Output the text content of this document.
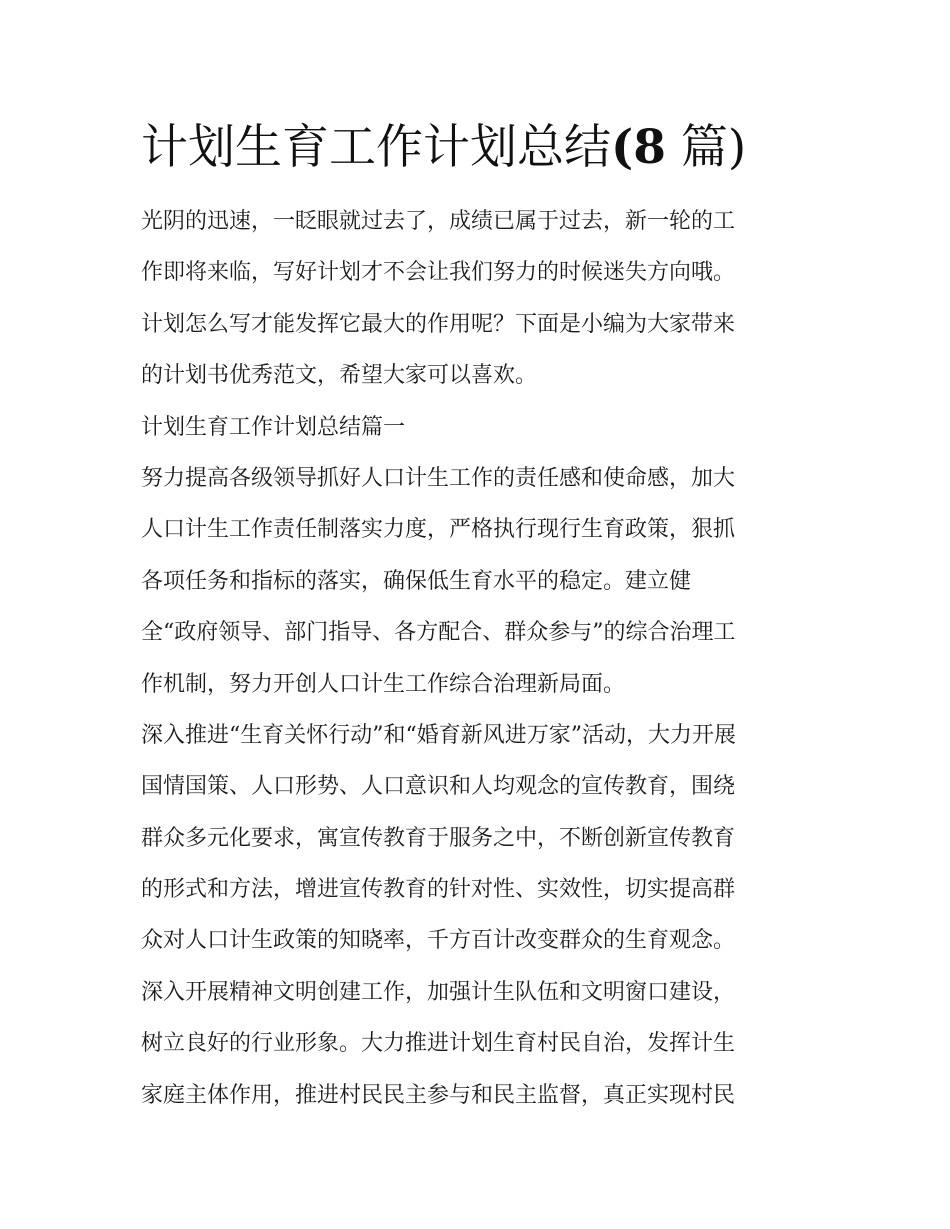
计划生育工作计划总结(8 篇)
光阴的迅速，一眨眼就过去了，成绩已属于过去，新一轮的工
作即将来临，写好计划才不会让我们努力的时候迷失方向哦。
计划怎么写才能发挥它最大的作用呢？下面是小编为大家带来
的计划书优秀范文，希望大家可以喜欢。
计划生育工作计划总结篇一
努力提高各级领导抓好人口计生工作的责任感和使命感，加大
人口计生工作责任制落实力度，严格执行现行生育政策，狠抓
各项任务和指标的落实，确保低生育水平的稳定。建立健
全“政府领导、部门指导、各方配合、群众参与”的综合治理工
作机制，努力开创人口计生工作综合治理新局面。
深入推进“生育关怀行动”和“婚育新风进万家”活动，大力开展
国情国策、人口形势、人口意识和人均观念的宣传教育，围绕
群众多元化要求，寓宣传教育于服务之中，不断创新宣传教育
的形式和方法，增进宣传教育的针对性、实效性，切实提高群
众对人口计生政策的知晓率，千方百计改变群众的生育观念。
深入开展精神文明创建工作，加强计生队伍和文明窗口建设，
树立良好的行业形象。大力推进计划生育村民自治，发挥计生
家庭主体作用，推进村民民主参与和民主监督，真正实现村民
